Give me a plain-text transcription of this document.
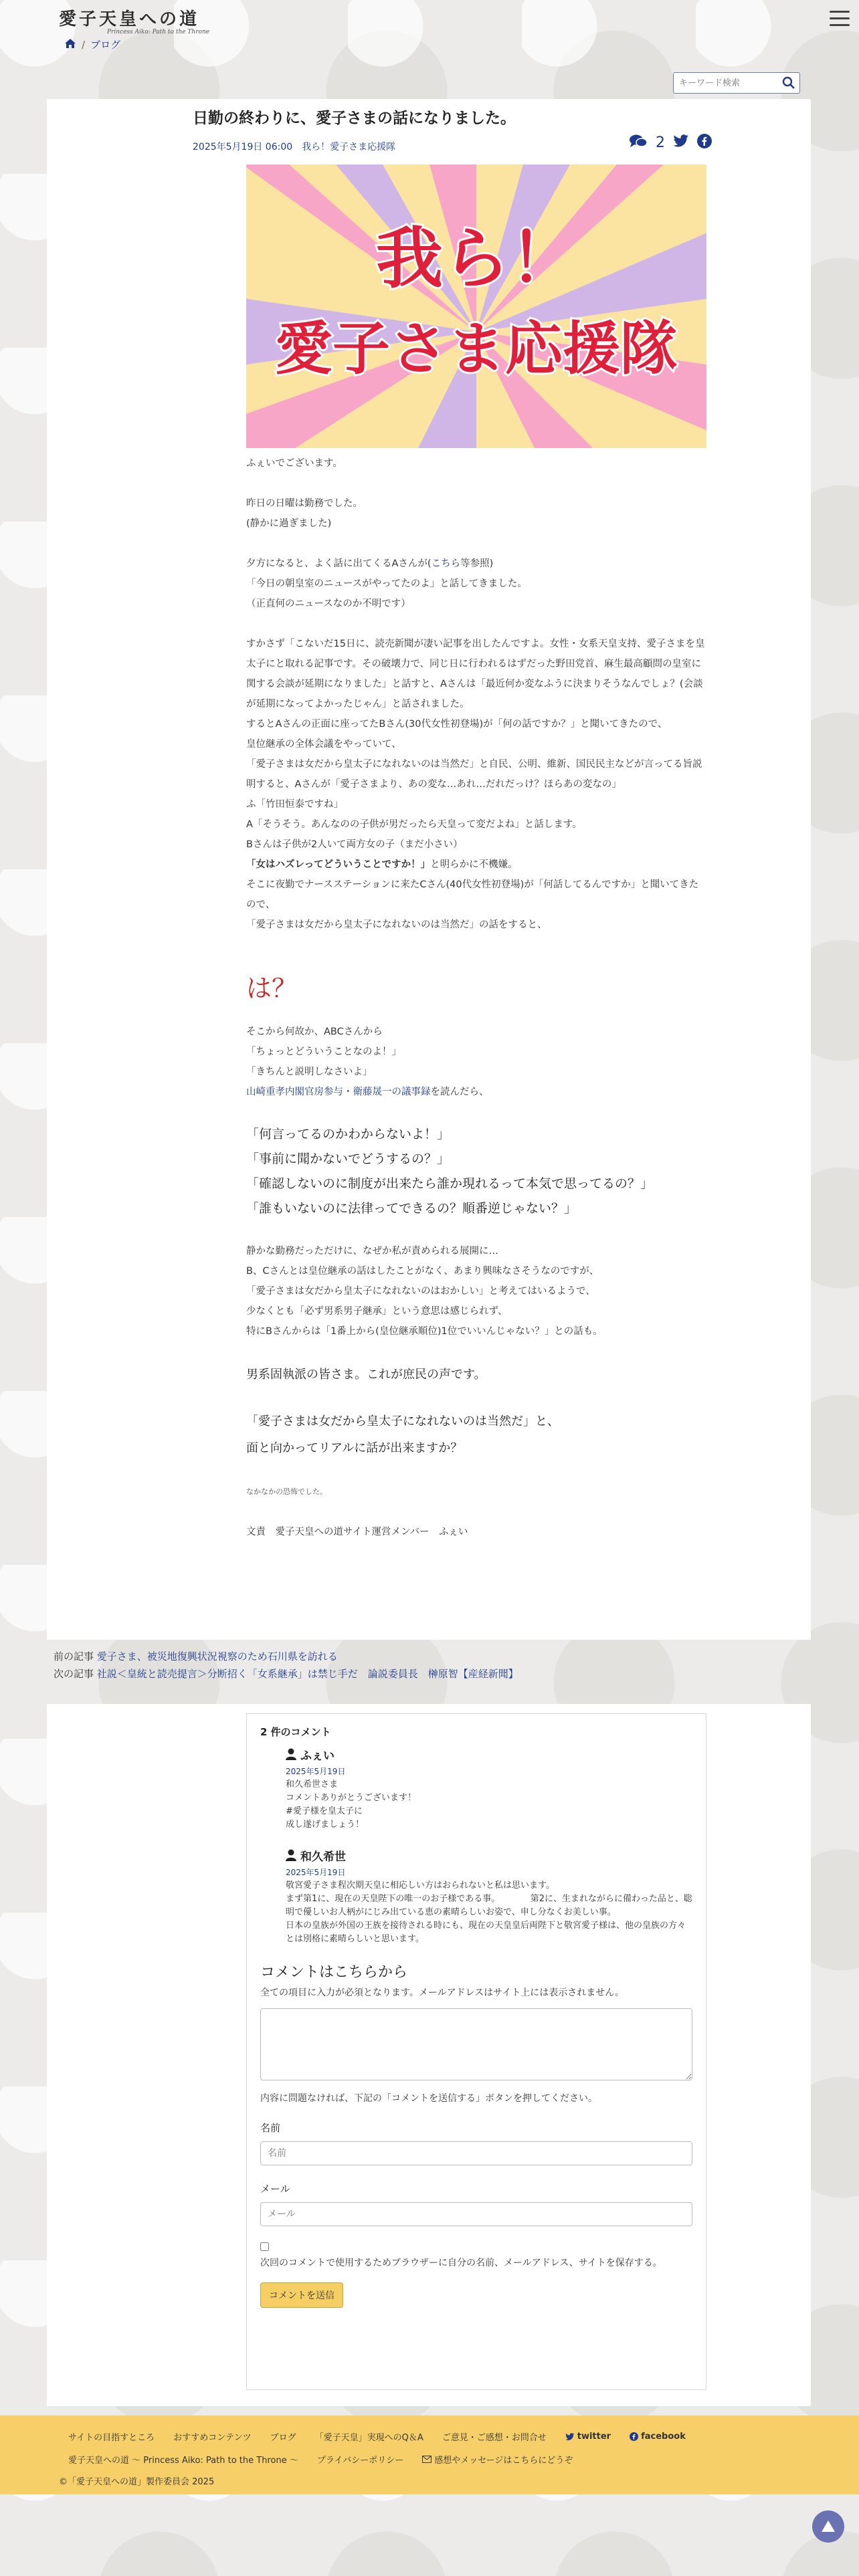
愛子天皇への道
Princess Aiko: Path to the Throne
/ ブログ
キーワード検索
日勤の終わりに、愛子さまの話になりました。
2025年5月19日 06:00 我ら！愛子さま応援隊	2
我ら！
愛子さま応援隊

ふぇいでございます。

昨日の日曜は勤務でした。

(静かに過ぎました)

夕方になると、よく話に出てくるAさんが(こちら等参照)

「今日の朝皇室のニュースがやってたのよ」と話してきました。

（正直何のニュースなのか不明です）

すかさず「こないだ15日に、読売新聞が凄い記事を出したんですよ。女性・女系天皇支持、愛子さまを皇太子にと取れる記事です。その破壊力で、同じ日に行われるはずだった野田党首、麻生最高顧問の皇室に関する会談が延期になりました」と話すと、Aさんは「最近何か変なふうに決まりそうなんでしょ？(会談が延期になってよかったじゃん」と話されました。

するとAさんの正面に座ってたBさん(30代女性初登場)が「何の話ですか？」と聞いてきたので、

皇位継承の全体会議をやっていて、

「愛子さまは女だから皇太子になれないのは当然だ」と自民、公明、維新、国民民主などが言ってる旨説明すると、Aさんが「愛子さまより、あの変な…あれ…だれだっけ？ほらあの変なの」

ふ「竹田恒泰ですね」

A「そうそう。あんなのの子供が男だったら天皇って変だよね」と話します。

Bさんは子供が2人いて両方女の子（まだ小さい）

「女はハズレってどういうことですか！」と明らかに不機嫌。

そこに夜勤でナースステーションに来たCさん(40代女性初登場)が「何話してるんですか」と聞いてきたので、

「愛子さまは女だから皇太子になれないのは当然だ」の話をすると、

は？

そこから何故か、ABCさんから

「ちょっとどういうことなのよ！」

「きちんと説明しなさいよ」

山崎重孝内閣官房参与・衛藤晟一の議事録を読んだら、

「何言ってるのかわからないよ！」

「事前に聞かないでどうするの？」

「確認しないのに制度が出来たら誰か現れるって本気で思ってるの？」

「誰もいないのに法律ってできるの？順番逆じゃない？」

静かな勤務だっただけに、なぜか私が責められる展開に…

B、Cさんとは皇位継承の話はしたことがなく、あまり興味なさそうなのですが、

「愛子さまは女だから皇太子になれないのはおかしい」と考えてはいるようで、

少なくとも「必ず男系男子継承」という意思は感じられず、

特にBさんからは「1番上から(皇位継承順位)1位でいいんじゃない？」との話も。

男系固執派の皆さま。これが庶民の声です。

「愛子さまは女だから皇太子になれないのは当然だ」と、

面と向かってリアルに話が出来ますか？

なかなかの恐怖でした。

文責　愛子天皇への道サイト運営メンバー　ふぇい

前の記事 愛子さま、被災地復興状況視察のため石川県を訪れる
次の記事 社説＜皇統と読売提言＞分断招く「女系継承」は禁じ手だ　論説委員長　榊原智【産経新聞】
2 件のコメント
ふぇい
2025年5月19日
和久希世さま
コメントありがとうございます！
#愛子様を皇太子に
成し遂げましょう！
和久希世
2025年5月19日
敬宮愛子さま程次期天皇に相応しい方はおられないと私は思います。
まず第1に、現在の天皇陛下の唯一のお子様である事。　　　　第2に、生まれながらに備わった品と、聡明で優しいお人柄がにじみ出ている恵の素晴らしいお姿で、申し分なくお美しい事。
日本の皇族が外国の王族を接待される時にも、現在の天皇皇后両陛下と敬宮愛子様は、他の皇族の方々とは別格に素晴らしいと思います。
コメントはこちらから
全ての項目に入力が必須となります。メールアドレスはサイト上には表示されません。
内容に問題なければ、下記の「コメントを送信する」ボタンを押してください。
名前
名前
メール
メール

次回のコメントで使用するためブラウザーに自分の名前、メールアドレス、サイトを保存する。
コメントを送信
サイトの目指すところ おすすめコンテンツ ブログ 「愛子天皇」実現へのQ＆A ご意見・ご感想・お問合せ	twitter	facebook
愛子天皇への道 ～ Princess Aiko: Path to the Throne ～ プライバシーポリシー	感想やメッセージはこちらにどうぞ
©「愛子天皇への道」製作委員会 2025
